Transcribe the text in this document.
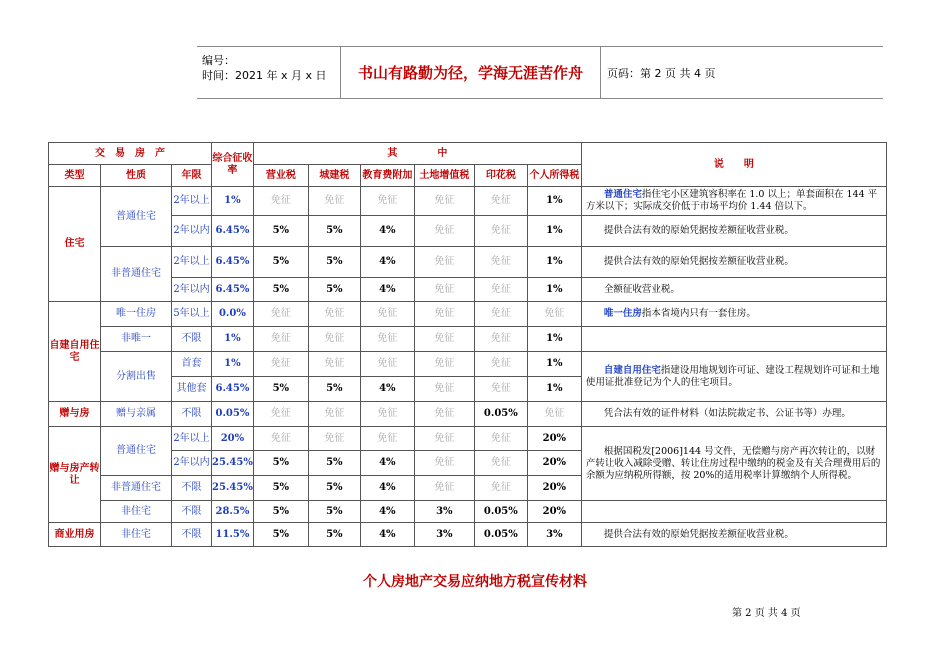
编号：
时间：2021 年 x 月 x 日	书山有路勤为径，学海无涯苦作舟	页码：第 2 页 共 4 页
交　易　房　产			综合征收率	其　　　　中						说　　明
类型	性质	年限		营业税	城建税	教育费附加	土地增值税	印花税	个人所得税	
住宅	普通住宅	2年以上	1%	免征	免征	免征	免征	免征	1%	普通住宅指住宅小区建筑容积率在 1.0 以上；单套面积在 144 平方米以下；实际成交价低于市场平均价 1.44 倍以下。
		2年以内	6.45%	5%	5%	4%	免征	免征	1%	提供合法有效的原始凭据按差额征收营业税。
	非普通住宅	2年以上	6.45%	5%	5%	4%	免征	免征	1%	提供合法有效的原始凭据按差额征收营业税。
		2年以内	6.45%	5%	5%	4%	免征	免征	1%	全额征收营业税。
自建自用住宅	唯一住房	5年以上	0.0%	免征	免征	免征	免征	免征	免征	唯一住房指本省境内只有一套住房。
	非唯一	不限	1%	免征	免征	免征	免征	免征	1%	
	分割出售	首套	1%	免征	免征	免征	免征	免征	1%	自建自用住宅指建设用地规划许可证、建设工程规划许可证和土地使用证批准登记为个人的住宅项目。
		其他套	6.45%	5%	5%	4%	免征	免征	1%	
赠与房	赠与亲属	不限	0.05%	免征	免征	免征	免征	0.05%	免征	凭合法有效的证件材料（如法院裁定书、公证书等）办理。
赠与房产转让	普通住宅	2年以上	20%	免征	免征	免征	免征	免征	20%	根据国税发[2006]144 号文件，无偿赠与房产再次转让的，以财产转让收入减除受赠、转让住房过程中缴纳的税金及有关合理费用后的余额为应纳税所得额，按 20%的适用税率计算缴纳个人所得税。
		2年以内	25.45%	5%	5%	4%	免征	免征	20%	
	非普通住宅	不限	25.45%	5%	5%	4%	免征	免征	20%	
	非住宅	不限	28.5%	5%	5%	4%	3%	0.05%	20%	
商业用房	非住宅	不限	11.5%	5%	5%	4%	3%	0.05%	3%	提供合法有效的原始凭据按差额征收营业税。
个人房地产交易应纳地方税宣传材料
第 2 页 共 4 页
